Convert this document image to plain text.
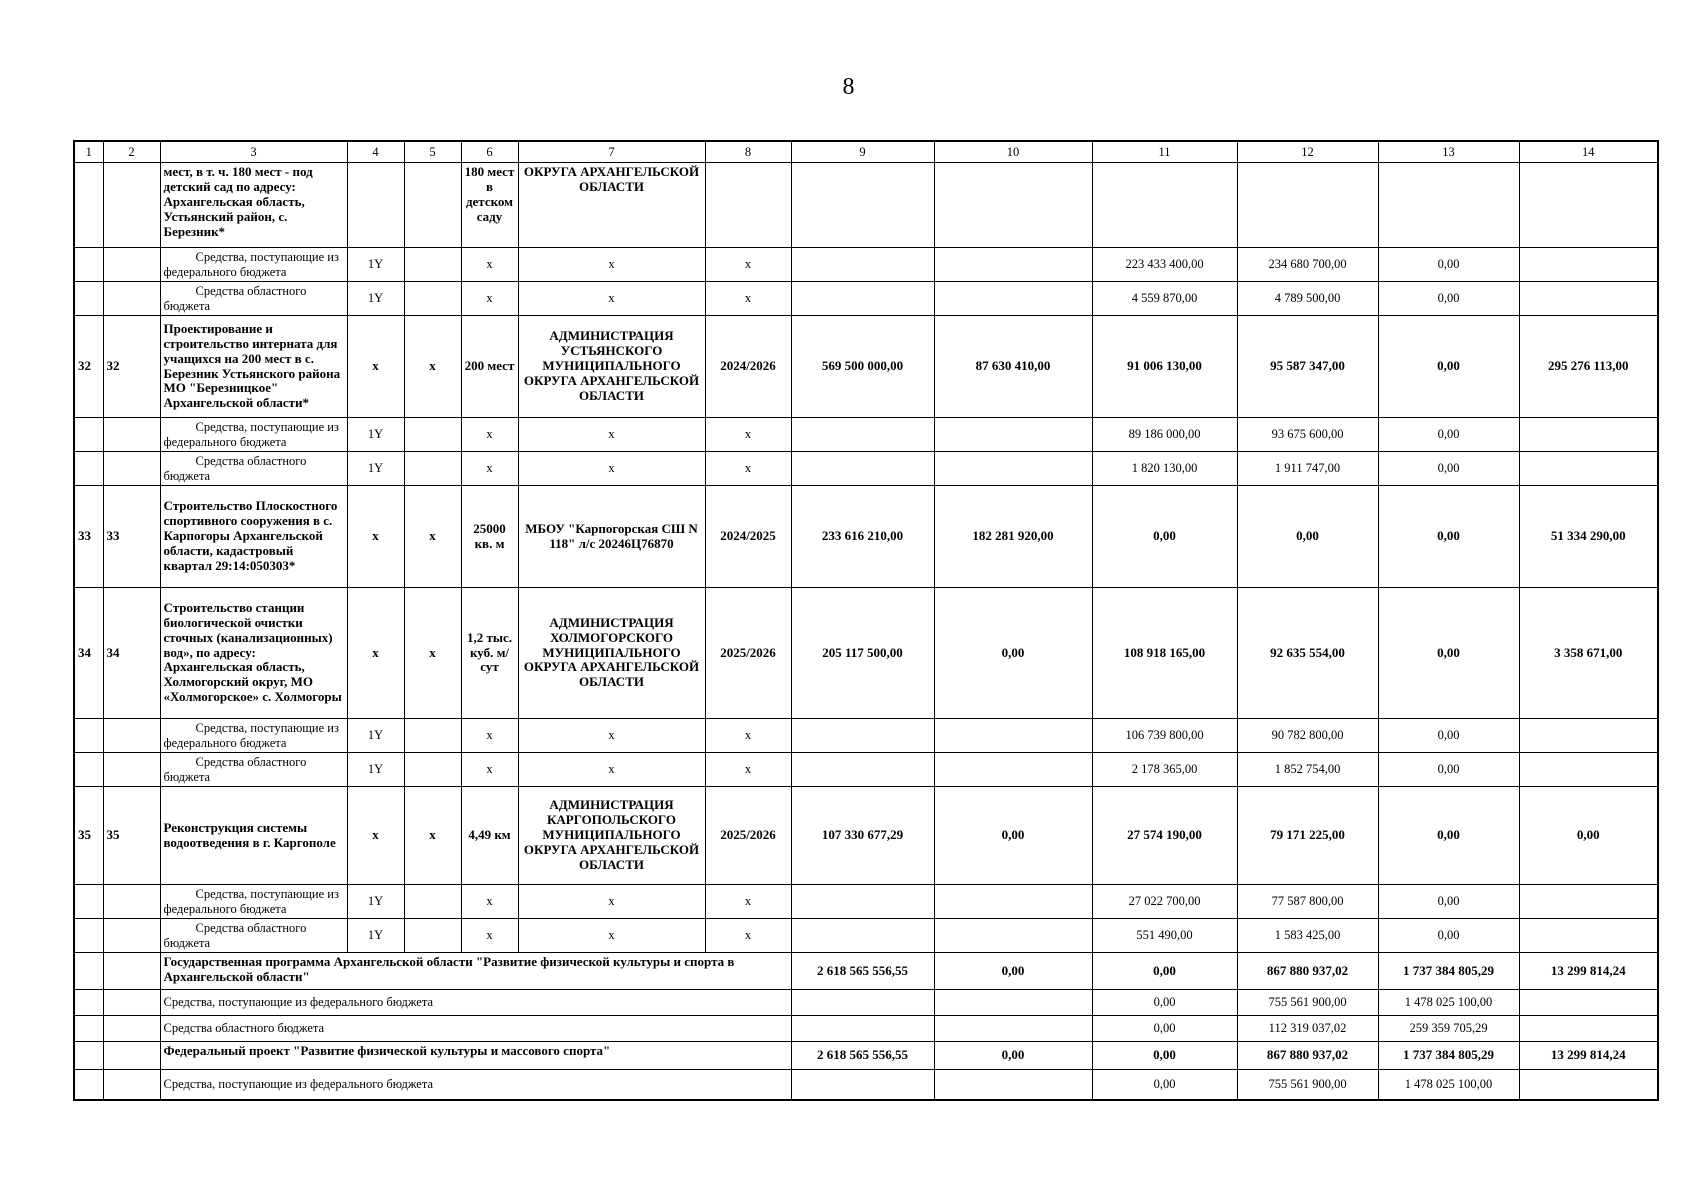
8
1	2	3	4	5	6	7	8	9	10	11	12	13	14
		мест, в т. ч. 180 мест - под детский сад по адресу: Архангельская область, Устьянский район, с. Березник*			180 мест в детском саду	ОКРУГА АРХАНГЕЛЬСКОЙ ОБЛАСТИ							
		Средства, поступающие из федерального бюджета	1Y		х	х	х			223 433 400,00	234 680 700,00	0,00	
		Средства областного бюджета	1Y		х	х	х			4 559 870,00	4 789 500,00	0,00	
32	32	Проектирование и строительство интерната для учащихся на 200 мест в с. Березник Устьянского района МО "Березницкое" Архангельской области*	х	х	200 мест	АДМИНИСТРАЦИЯ УСТЬЯНСКОГО МУНИЦИПАЛЬНОГО ОКРУГА АРХАНГЕЛЬСКОЙ ОБЛАСТИ	2024/2026	569 500 000,00	87 630 410,00	91 006 130,00	95 587 347,00	0,00	295 276 113,00
		Средства, поступающие из федерального бюджета	1Y		х	х	х			89 186 000,00	93 675 600,00	0,00	
		Средства областного бюджета	1Y		х	х	х			1 820 130,00	1 911 747,00	0,00	
33	33	Строительство Плоскостного спортивного сооружения в с. Карпогоры Архангельской области, кадастровый квартал 29:14:050303*	х	х	25000 кв. м	МБОУ "Карпогорская СШ N 118" л/с 20246Ц76870	2024/2025	233 616 210,00	182 281 920,00	0,00	0,00	0,00	51 334 290,00
34	34	Строительство станции биологической очистки сточных (канализационных) вод», по адресу: Архангельская область, Холмогорский округ, МО «Холмогорское» с. Холмогоры	х	х	1,2 тыс. куб. м/сут	АДМИНИСТРАЦИЯ ХОЛМОГОРСКОГО МУНИЦИПАЛЬНОГО ОКРУГА АРХАНГЕЛЬСКОЙ ОБЛАСТИ	2025/2026	205 117 500,00	0,00	108 918 165,00	92 635 554,00	0,00	3 358 671,00
		Средства, поступающие из федерального бюджета	1Y		х	х	х			106 739 800,00	90 782 800,00	0,00	
		Средства областного бюджета	1Y		х	х	х			2 178 365,00	1 852 754,00	0,00	
35	35	Реконструкция системы водоотведения в г. Каргополе	х	х	4,49 км	АДМИНИСТРАЦИЯ КАРГОПОЛЬСКОГО МУНИЦИПАЛЬНОГО ОКРУГА АРХАНГЕЛЬСКОЙ ОБЛАСТИ	2025/2026	107 330 677,29	0,00	27 574 190,00	79 171 225,00	0,00	0,00
		Средства, поступающие из федерального бюджета	1Y		х	х	х			27 022 700,00	77 587 800,00	0,00	
		Средства областного бюджета	1Y		х	х	х			551 490,00	1 583 425,00	0,00	
		Государственная программа Архангельской области "Развитие физической культуры и спорта в Архангельской области"						2 618 565 556,55	0,00	0,00	867 880 937,02	1 737 384 805,29	13 299 814,24
		Средства, поступающие из федерального бюджета								0,00	755 561 900,00	1 478 025 100,00	
		Средства областного бюджета								0,00	112 319 037,02	259 359 705,29	
		Федеральный проект "Развитие физической культуры и массового спорта"						2 618 565 556,55	0,00	0,00	867 880 937,02	1 737 384 805,29	13 299 814,24
		Средства, поступающие из федерального бюджета								0,00	755 561 900,00	1 478 025 100,00	
